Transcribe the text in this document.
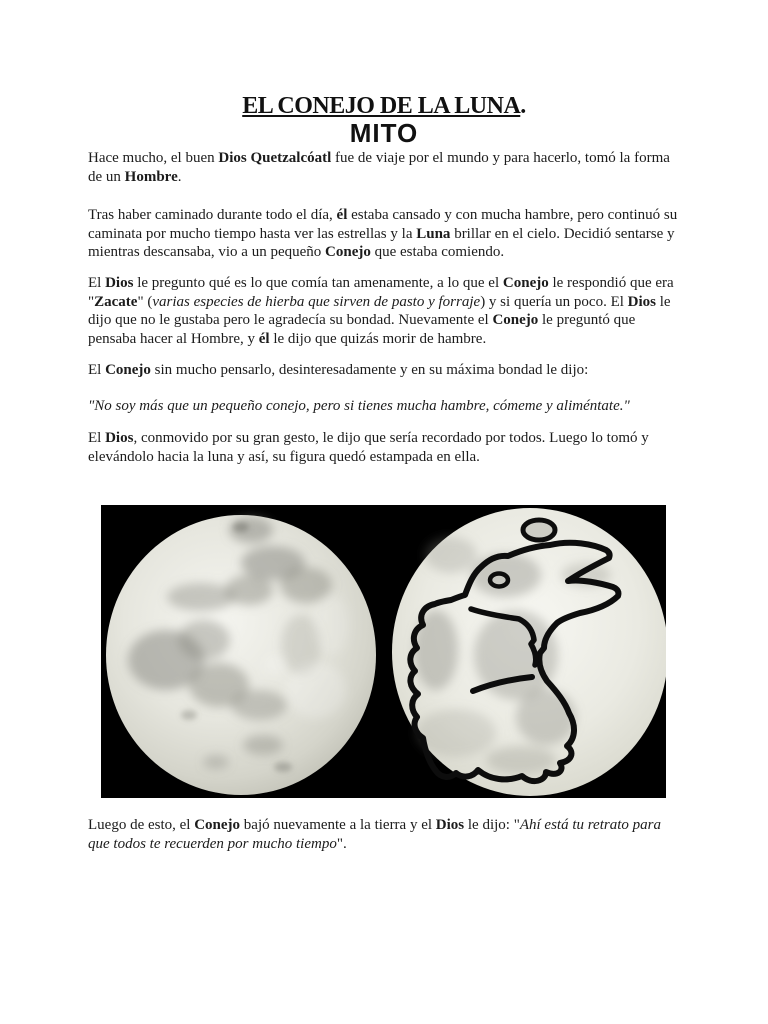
EL CONEJO DE LA LUNA.
MITO

Hace mucho, el buen Dios Quetzalcóatl fue de viaje por el mundo y para hacerlo, tomó la forma de un Hombre.

Tras haber caminado durante todo el día, él estaba cansado y con mucha hambre, pero continuó su caminata por mucho tiempo hasta ver las estrellas y la Luna brillar en el cielo. Decidió sentarse y mientras descansaba, vio a un pequeño Conejo que estaba comiendo.

El Dios le pregunto qué es lo que comía tan amenamente, a lo que el Conejo le respondió que era "Zacate" (varias especies de hierba que sirven de pasto y forraje) y si quería un poco. El Dios le dijo que no le gustaba pero le agradecía su bondad. Nuevamente el Conejo le preguntó que pensaba hacer al Hombre, y él le dijo que quizás morir de hambre.

El Conejo sin mucho pensarlo, desinteresadamente y en su máxima bondad le dijo:

"No soy más que un pequeño conejo, pero si tienes mucha hambre, cómeme y aliméntate."

El Dios, conmovido por su gran gesto, le dijo que sería recordado por todos. Luego lo tomó y elevándolo hacia la luna y así, su figura quedó estampada en ella.

Luego de esto, el Conejo bajó nuevamente a la tierra y el Dios le dijo: "Ahí está tu retrato para que todos te recuerden por mucho tiempo".
